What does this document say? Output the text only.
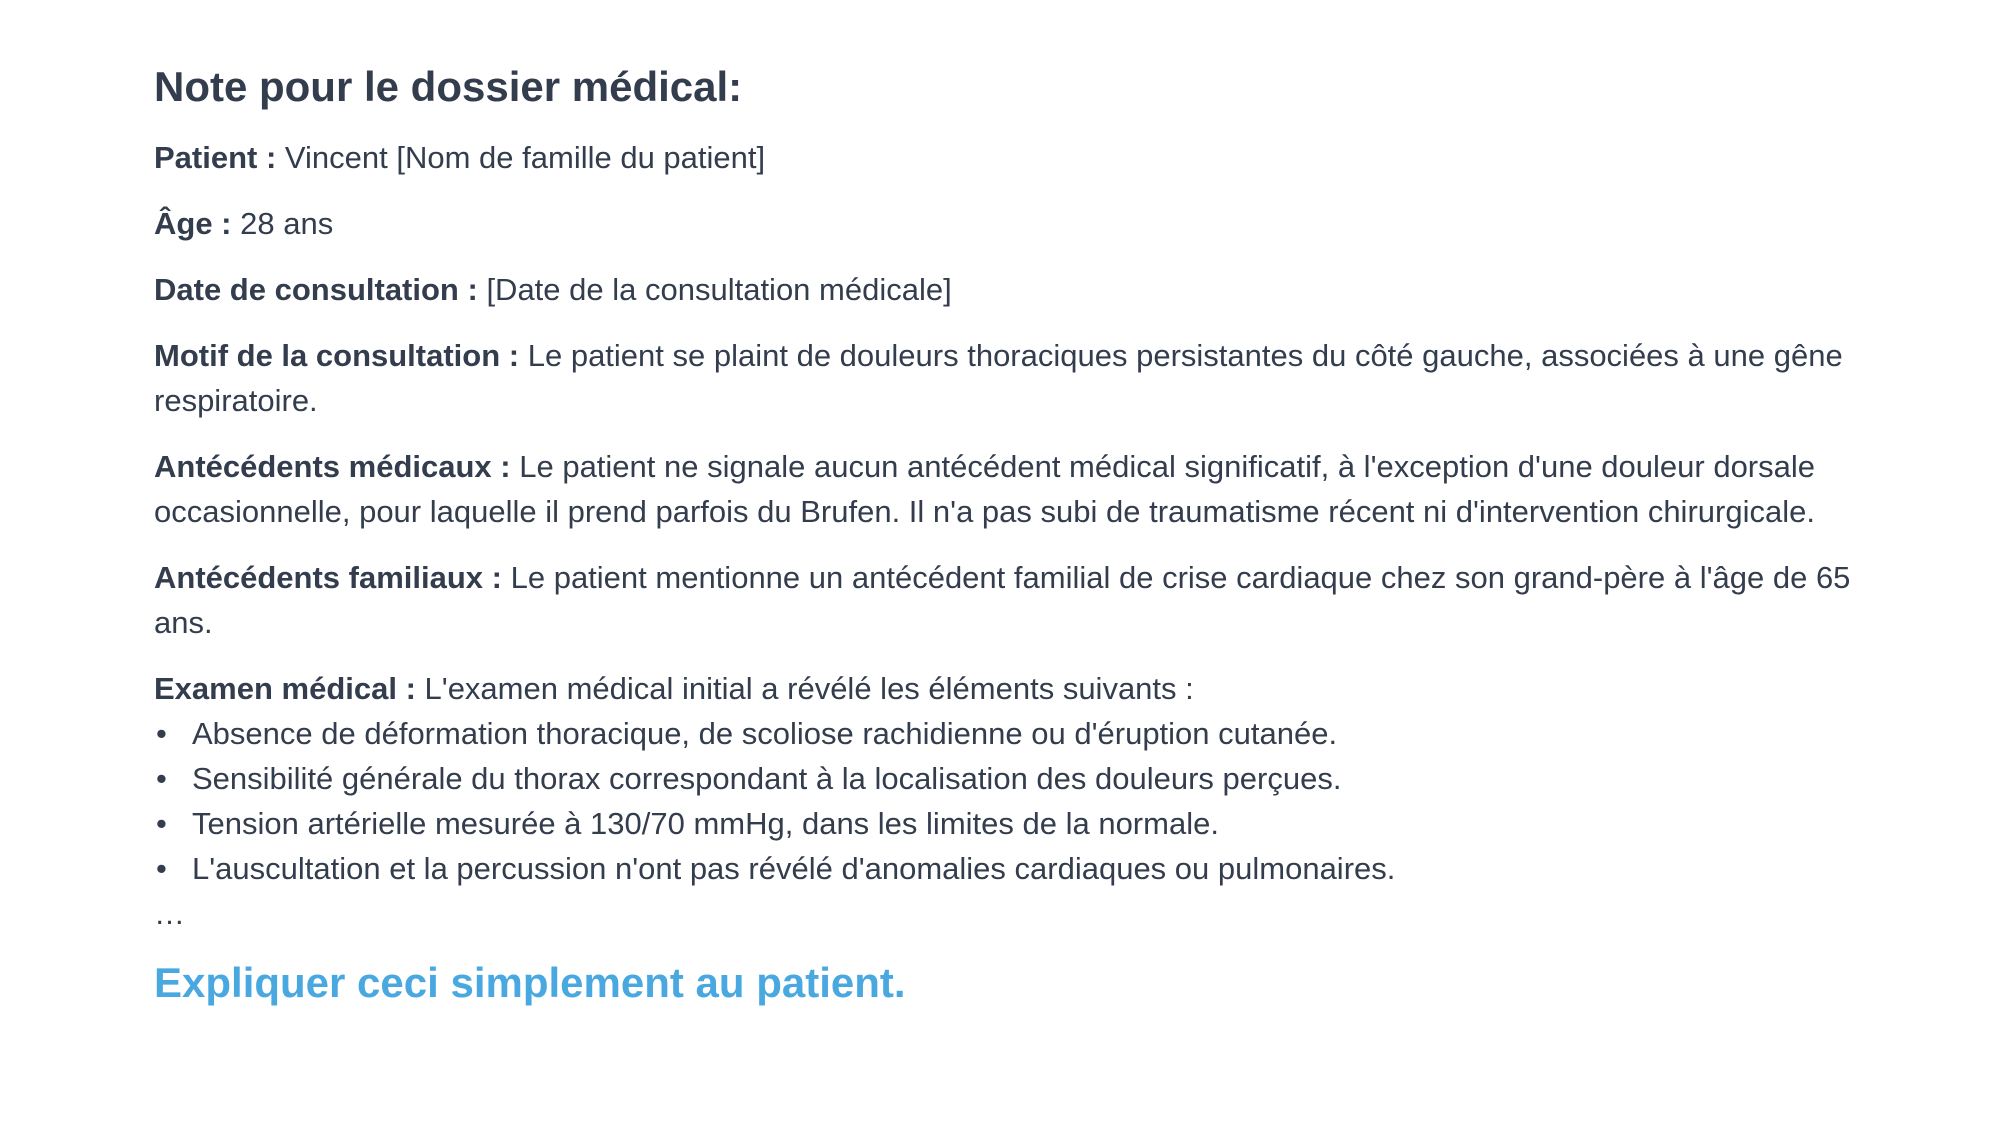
Note pour le dossier médical:
Patient : Vincent [Nom de famille du patient]
Âge : 28 ans
Date de consultation : [Date de la consultation médicale]
Motif de la consultation : Le patient se plaint de douleurs thoraciques persistantes du côté gauche, associées à une gêne respiratoire.
Antécédents médicaux : Le patient ne signale aucun antécédent médical significatif, à l'exception d'une douleur dorsale occasionnelle, pour laquelle il prend parfois du Brufen. Il n'a pas subi de traumatisme récent ni d'intervention chirurgicale.
Antécédents familiaux : Le patient mentionne un antécédent familial de crise cardiaque chez son grand-père à l'âge de 65 ans.
Examen médical : L'examen médical initial a révélé les éléments suivants :
• Absence de déformation thoracique, de scoliose rachidienne ou d'éruption cutanée.
• Sensibilité générale du thorax correspondant à la localisation des douleurs perçues.
• Tension artérielle mesurée à 130/70 mmHg, dans les limites de la normale.
• L'auscultation et la percussion n'ont pas révélé d'anomalies cardiaques ou pulmonaires.
…
Expliquer ceci simplement au patient.
